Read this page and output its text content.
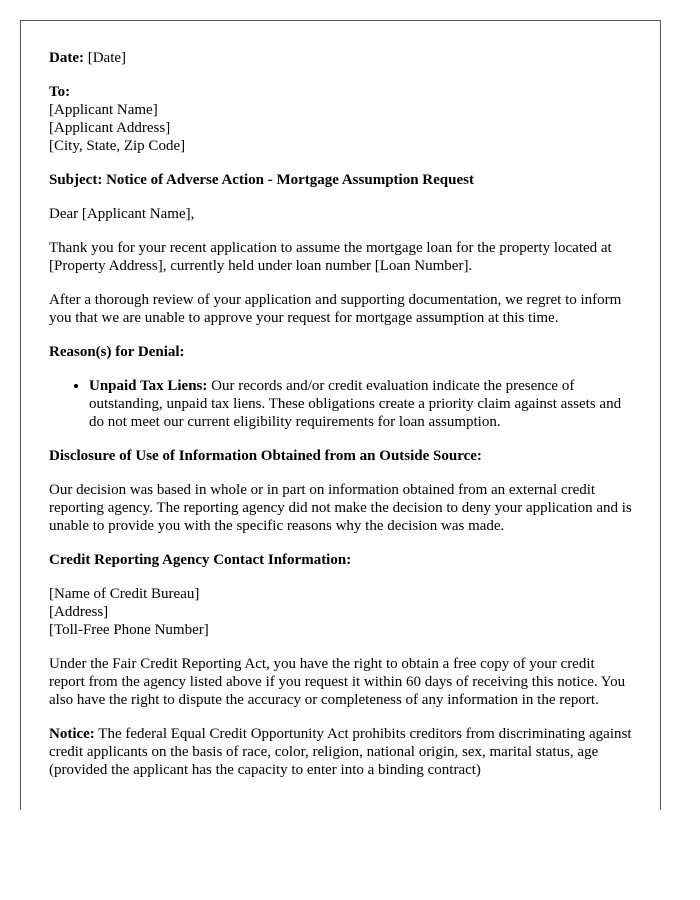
Date: [Date]

To:
[Applicant Name]
[Applicant Address]
[City, State, Zip Code]

Subject: Notice of Adverse Action - Mortgage Assumption Request

Dear [Applicant Name],

Thank you for your recent application to assume the mortgage loan for the property located at [Property Address], currently held under loan number [Loan Number].

After a thorough review of your application and supporting documentation, we regret to inform you that we are unable to approve your request for mortgage assumption at this time.

Reason(s) for Denial:

• Unpaid Tax Liens: Our records and/or credit evaluation indicate the presence of outstanding, unpaid tax liens. These obligations create a priority claim against assets and do not meet our current eligibility requirements for loan assumption.

Disclosure of Use of Information Obtained from an Outside Source:

Our decision was based in whole or in part on information obtained from an external credit reporting agency. The reporting agency did not make the decision to deny your application and is unable to provide you with the specific reasons why the decision was made.

Credit Reporting Agency Contact Information:

[Name of Credit Bureau]
[Address]
[Toll-Free Phone Number]

Under the Fair Credit Reporting Act, you have the right to obtain a free copy of your credit report from the agency listed above if you request it within 60 days of receiving this notice. You also have the right to dispute the accuracy or completeness of any information in the report.

Notice: The federal Equal Credit Opportunity Act prohibits creditors from discriminating against credit applicants on the basis of race, color, religion, national origin, sex, marital status, age (provided the applicant has the capacity to enter into a binding contract)
